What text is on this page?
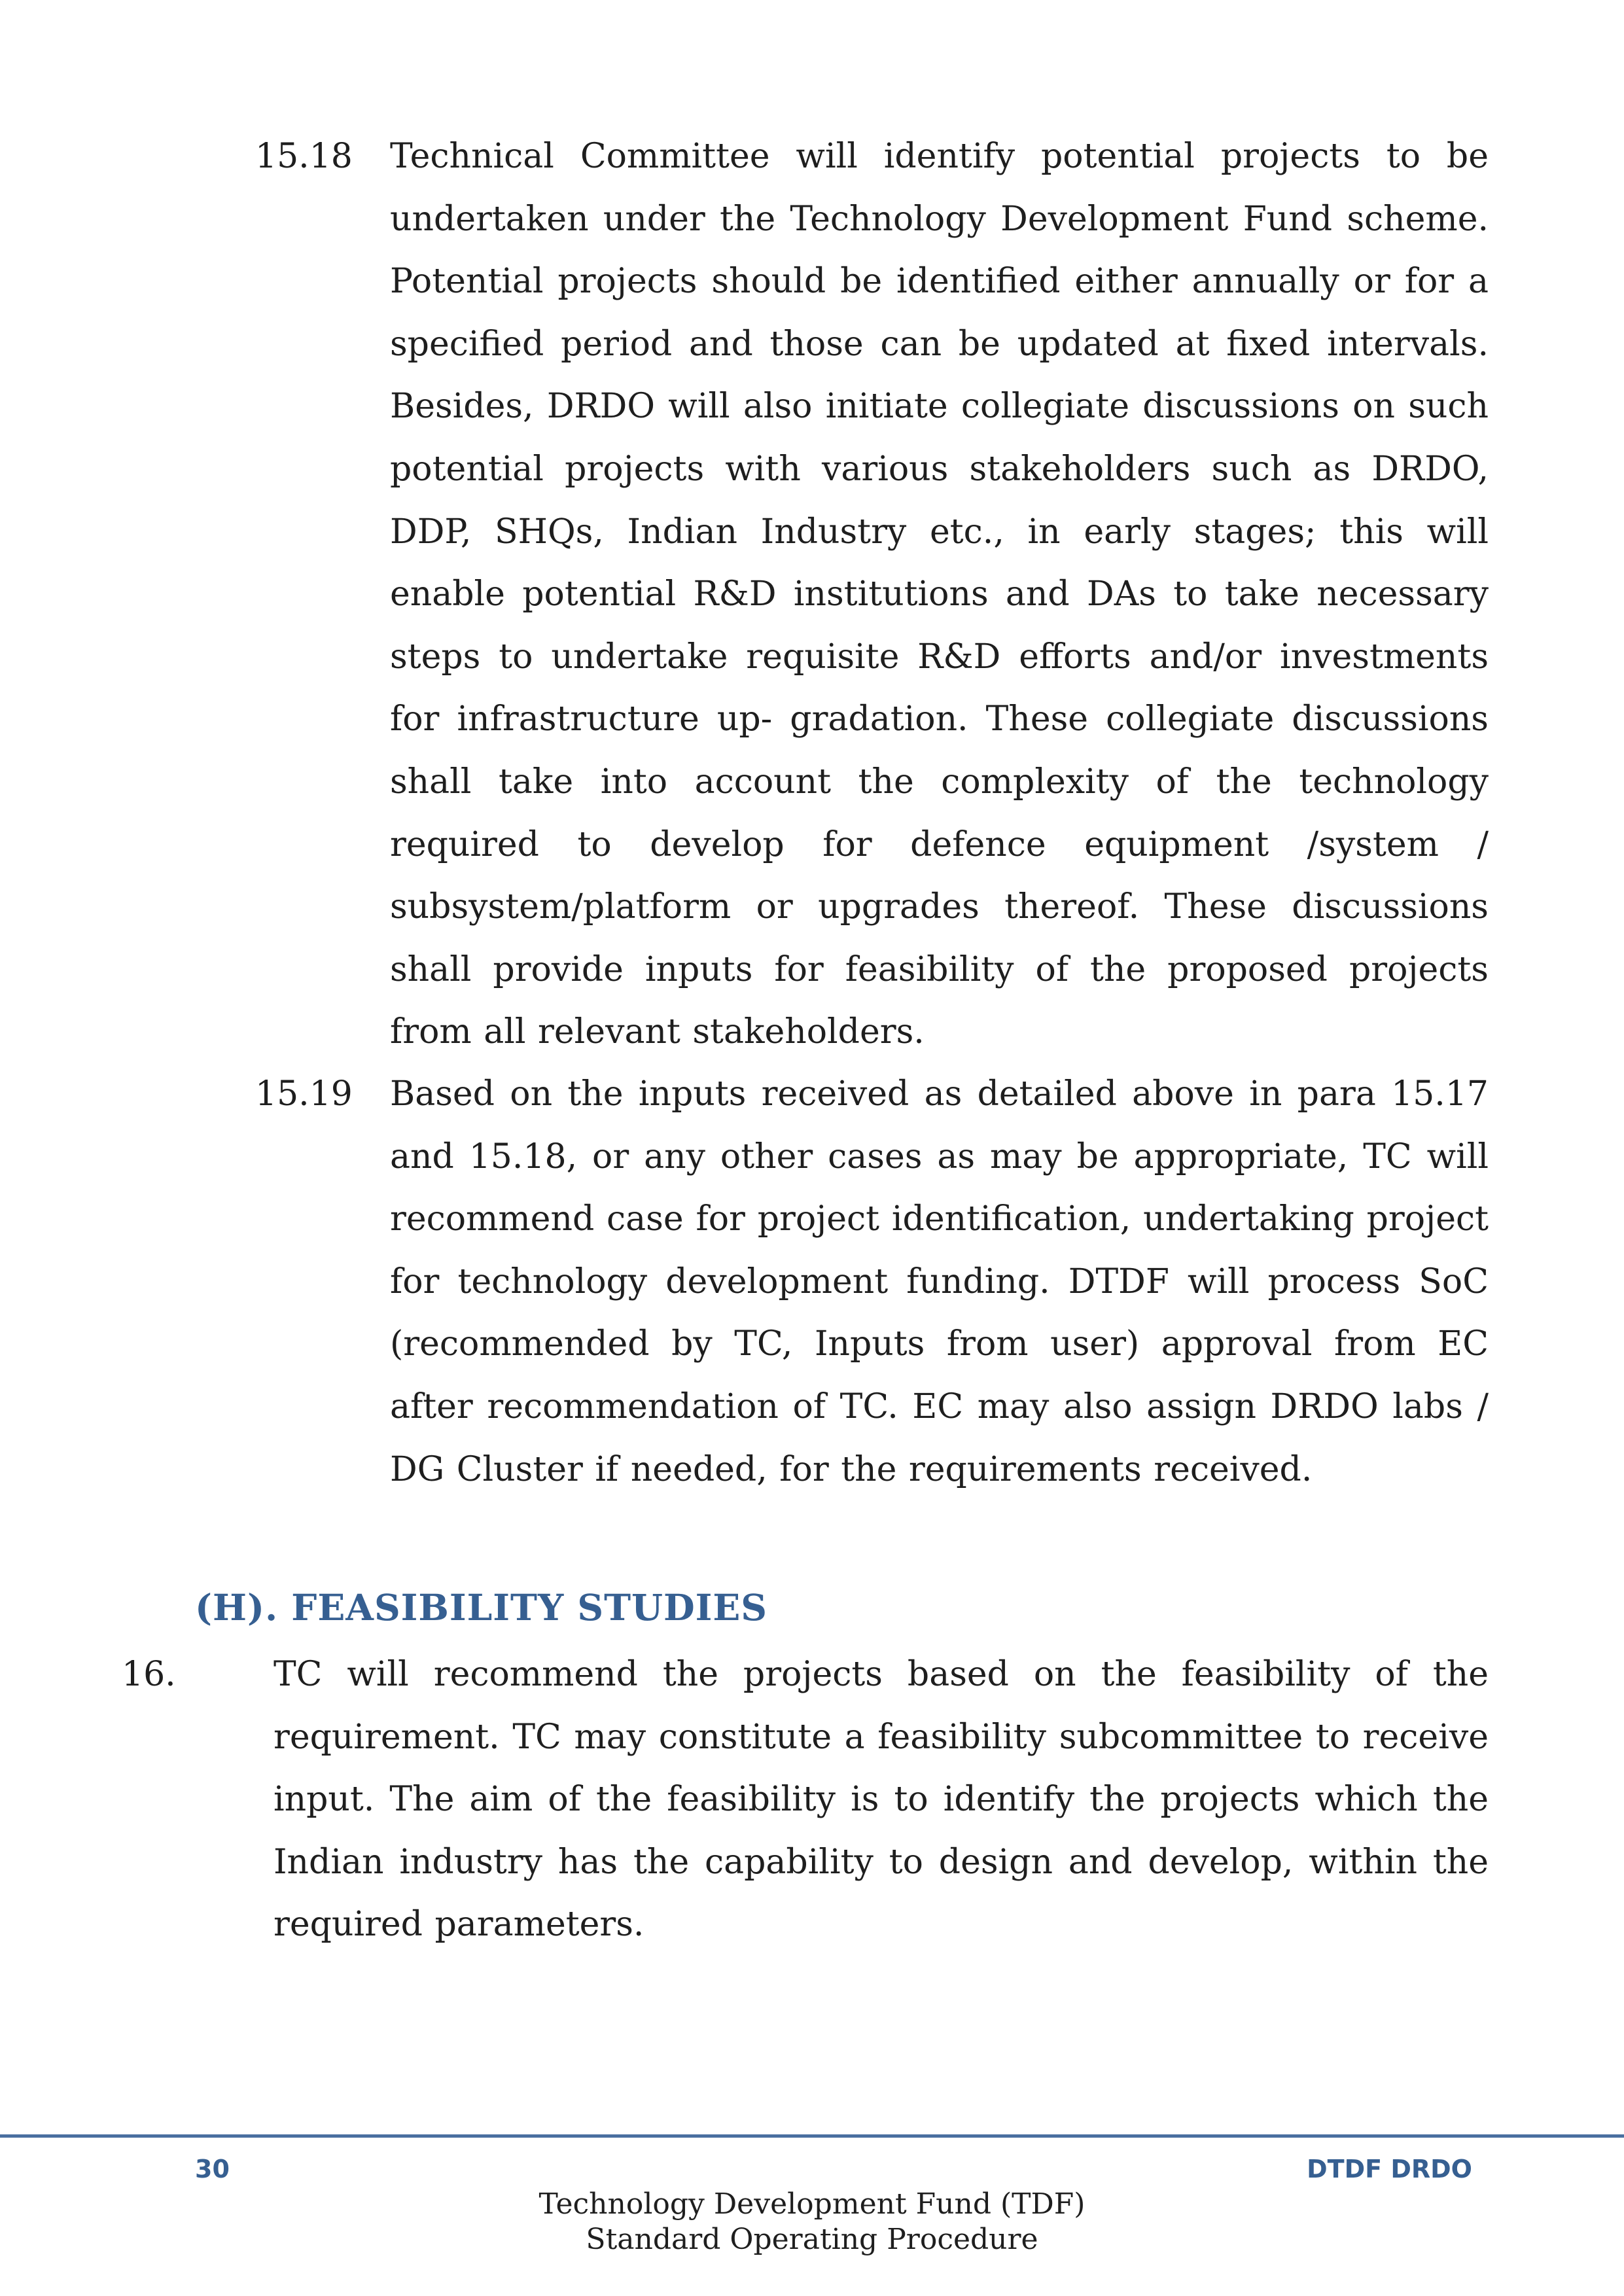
15.18 Technical Committee will identify potential projects to be undertaken under the Technology Development Fund scheme. Potential projects should be identified either annually or for a specified period and those can be updated at fixed intervals. Besides, DRDO will also initiate collegiate discussions on such potential projects with various stakeholders such as DRDO, DDP, SHQs, Indian Industry etc., in early stages; this will enable potential R&D institutions and DAs to take necessary steps to undertake requisite R&D efforts and/or investments for infrastructure up- gradation. These collegiate discussions shall take into account the complexity of the technology required to develop for defence equipment /system / subsystem/platform or upgrades thereof. These discussions shall provide inputs for feasibility of the proposed projects from all relevant stakeholders.
15.19 Based on the inputs received as detailed above in para 15.17 and 15.18, or any other cases as may be appropriate, TC will recommend case for project identification, undertaking project for technology development funding. DTDF will process SoC (recommended by TC, Inputs from user) approval from EC after recommendation of TC. EC may also assign DRDO labs / DG Cluster if needed, for the requirements received.
(H). FEASIBILITY STUDIES
16.	TC will recommend the projects based on the feasibility of the requirement. TC may constitute a feasibility subcommittee to receive input. The aim of the feasibility is to identify the projects which the Indian industry has the capability to design and develop, within the required parameters.
30	DTDF DRDO
Technology Development Fund (TDF)
Standard Operating Procedure
